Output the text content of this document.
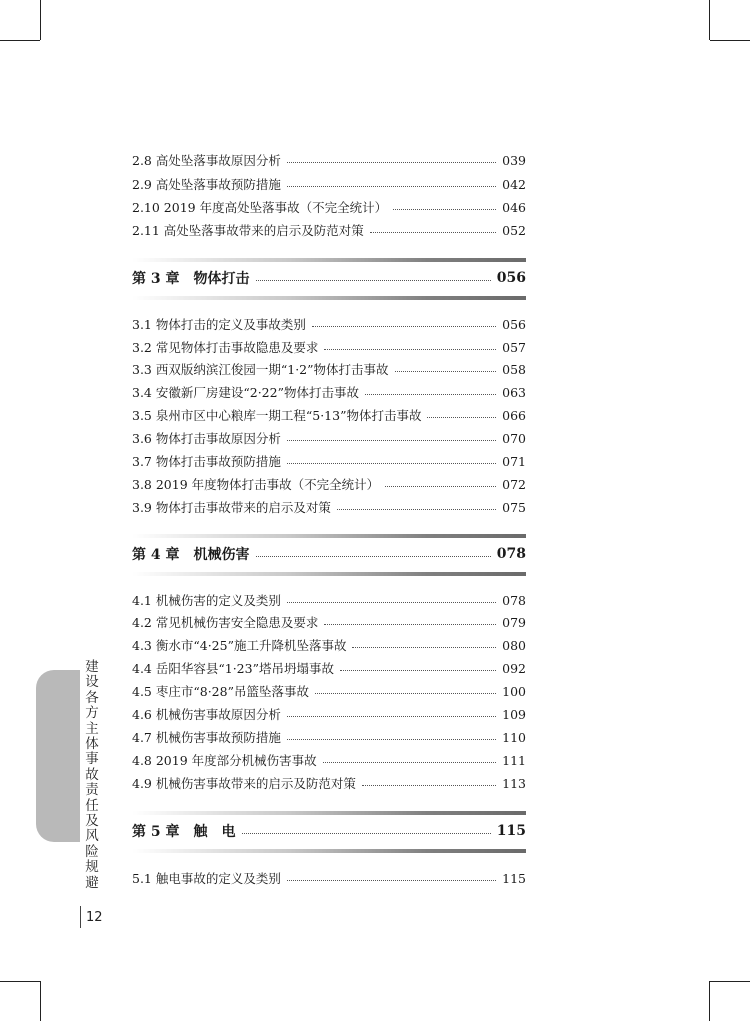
2.8 高处坠落事故原因分析	039
2.9 高处坠落事故预防措施	042
2.10 2019 年度高处坠落事故（不完全统计）	046
2.11 高处坠落事故带来的启示及防范对策	052
第 3 章　物体打击	056
3.1 物体打击的定义及事故类别	056
3.2 常见物体打击事故隐患及要求	057
3.3 西双版纳滨江俊园一期“1·2”物体打击事故	058
3.4 安徽新厂房建设“2·22”物体打击事故	063
3.5 泉州市区中心粮库一期工程“5·13”物体打击事故	066
3.6 物体打击事故原因分析	070
3.7 物体打击事故预防措施	071
3.8 2019 年度物体打击事故（不完全统计）	072
3.9 物体打击事故带来的启示及对策	075
第 4 章　机械伤害	078
4.1 机械伤害的定义及类别	078
4.2 常见机械伤害安全隐患及要求	079
4.3 衡水市“4·25”施工升降机坠落事故	080
4.4 岳阳华容县“1·23”塔吊坍塌事故	092
4.5 枣庄市“8·28”吊篮坠落事故	100
4.6 机械伤害事故原因分析	109
4.7 机械伤害事故预防措施	110
4.8 2019 年度部分机械伤害事故	111
4.9 机械伤害事故带来的启示及防范对策	113
第 5 章　触　电	115
5.1 触电事故的定义及类别	115
建设各方主体事故责任及风险规避
12
